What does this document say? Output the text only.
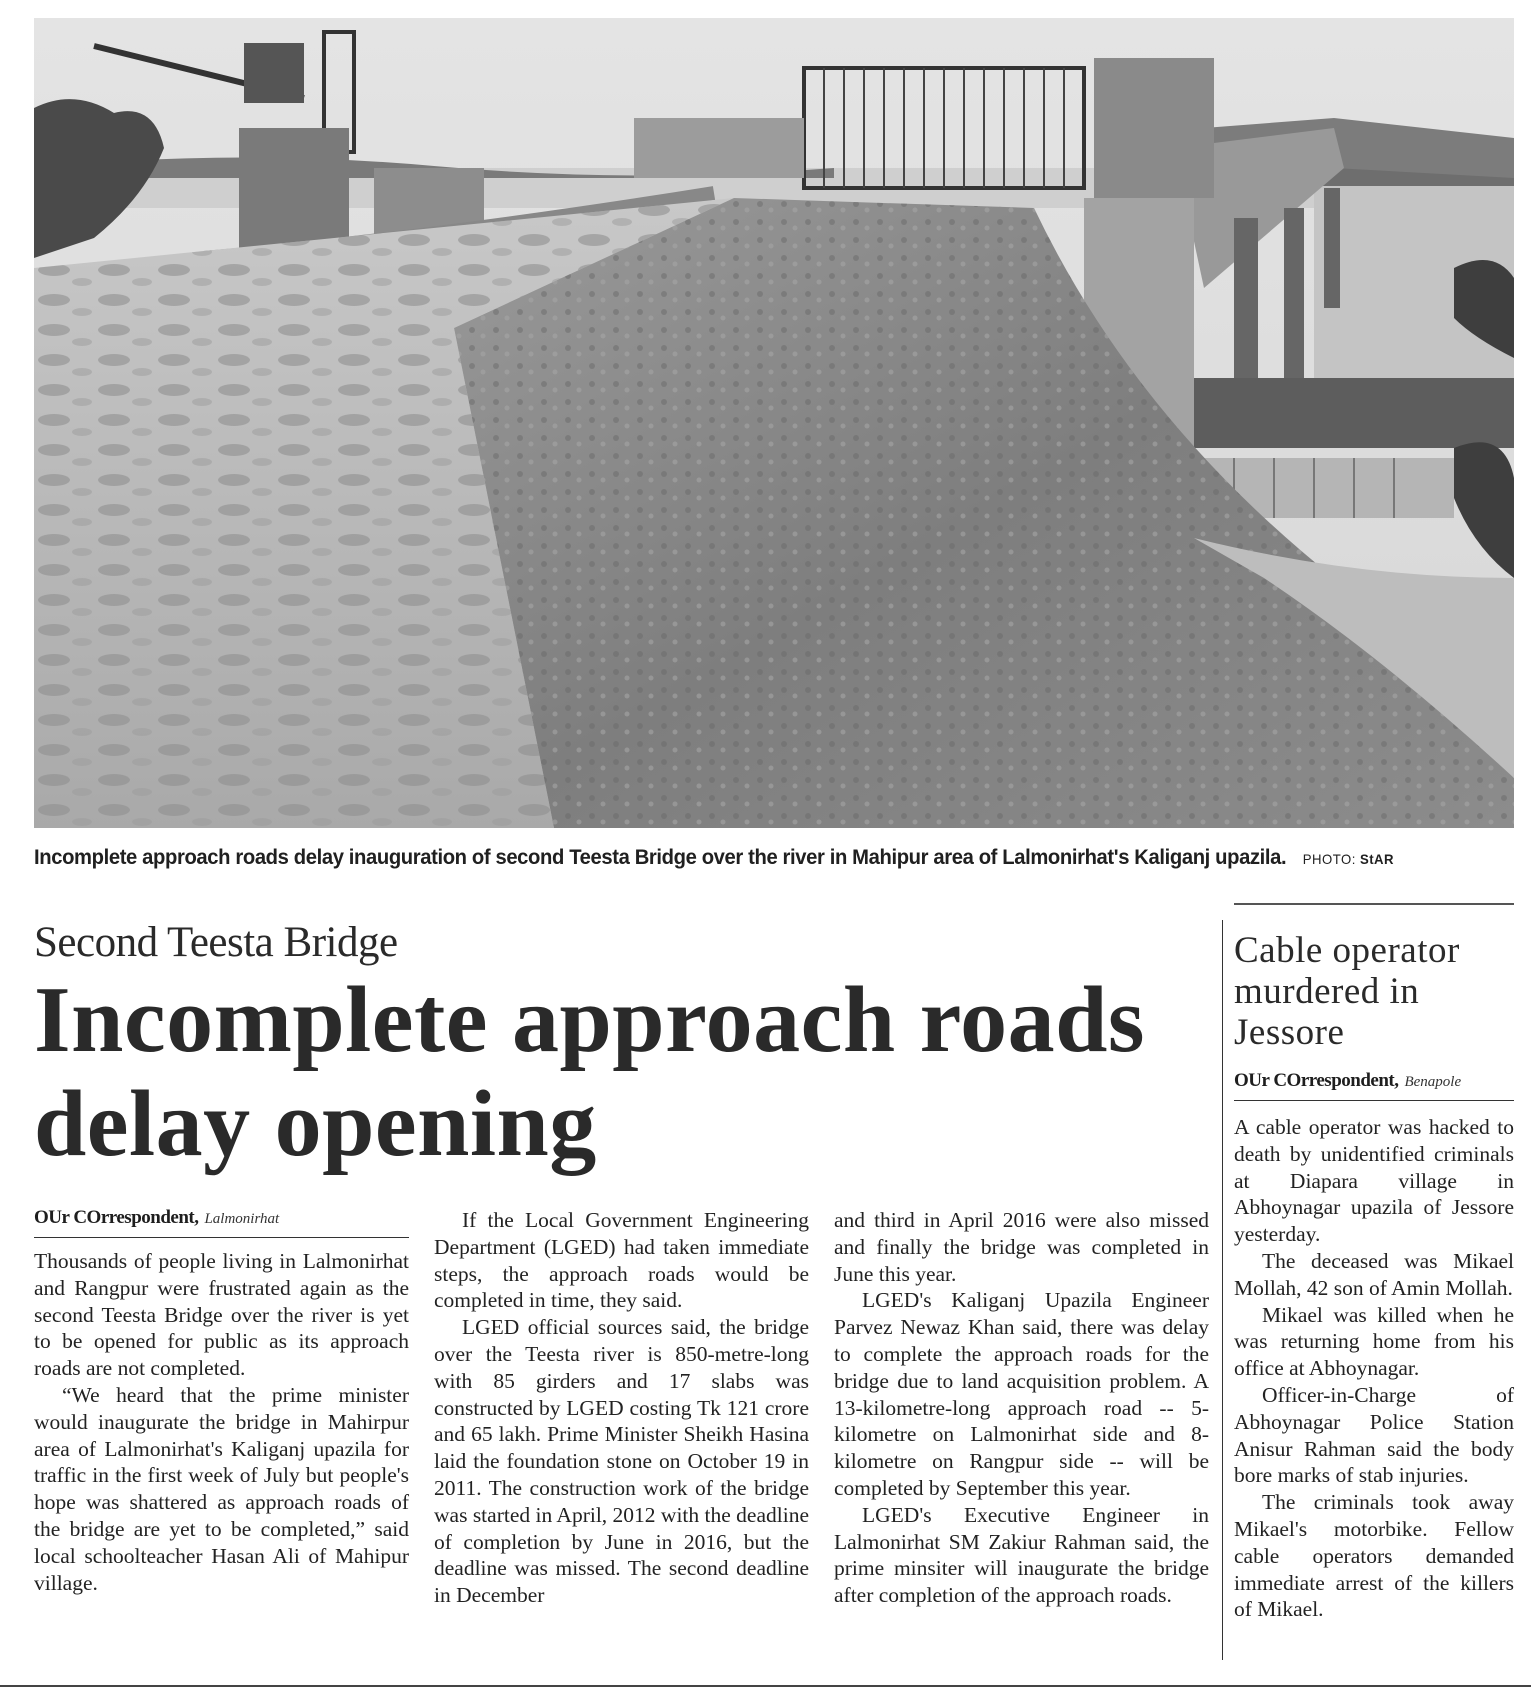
Incomplete approach roads delay inauguration of second Teesta Bridge over the river in Mahipur area of Lalmonirhat's Kaliganj upazila. PHOTO: StAR
Second Teesta Bridge
Incomplete approach roads delay opening
OUr COrrespondent, Lalmonirhat

Thousands of people living in Lalmonirhat and Rangpur were frustrated again as the second Teesta Bridge over the river is yet to be opened for public as its approach roads are not completed.

“We heard that the prime minister would inaugurate the bridge in Mahirpur area of Lalmonirhat's Kaliganj upazila for traffic in the first week of July but people's hope was shattered as approach roads of the bridge are yet to be completed,” said local schoolteacher Hasan Ali of Mahipur village.

If the Local Government Engineering Department (LGED) had taken immediate steps, the approach roads would be completed in time, they said.

LGED official sources said, the bridge over the Teesta river is 850-metre-long with 85 girders and 17 slabs was constructed by LGED costing Tk 121 crore and 65 lakh. Prime Minister Sheikh Hasina laid the foundation stone on October 19 in 2011. The construction work of the bridge was started in April, 2012 with the deadline of completion by June in 2016, but the deadline was missed. The second deadline in December

and third in April 2016 were also missed and finally the bridge was completed in June this year.

LGED's Kaliganj Upazila Engineer Parvez Newaz Khan said, there was delay to complete the approach roads for the bridge due to land acquisition problem. A 13-kilometre-long approach road -- 5-kilometre on Lalmonirhat side and 8-kilometre on Rangpur side -- will be completed by September this year.

LGED's Executive Engineer in Lalmonirhat SM Zakiur Rahman said, the prime minsiter will inaugurate the bridge after completion of the approach roads.

Cable operator murdered in Jessore
OUr COrrespondent, Benapole

A cable operator was hacked to death by unidentified criminals at Diapara village in Abhoynagar upazila of Jessore yesterday.

The deceased was Mikael Mollah, 42 son of Amin Mollah.

Mikael was killed when he was returning home from his office at Abhoynagar.

Officer-in-Charge of Abhoynagar Police Station Anisur Rahman said the body bore marks of stab injuries.

The criminals took away Mikael's motorbike. Fellow cable operators demanded immediate arrest of the killers of Mikael.
